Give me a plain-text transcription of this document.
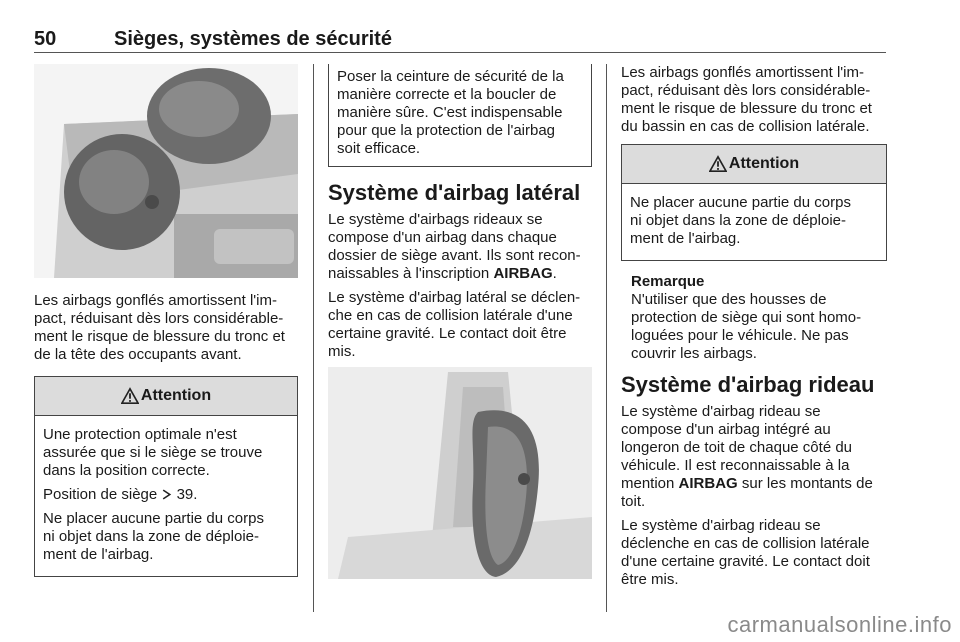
50	Sièges, systèmes de sécurité

Les airbags gonflés amortissent l'im-
pact, réduisant dès lors considérable-
ment le risque de blessure du tronc et
de la tête des occupants avant.

Attention

Une protection optimale n'est
assurée que si le siège se trouve
dans la position correcte.

Position de siège 39.

Ne placer aucune partie du corps
ni objet dans la zone de déploie-
ment de l'airbag.

Poser la ceinture de sécurité de la
manière correcte et la boucler de
manière sûre. C'est indispensable
pour que la protection de l'airbag
soit efficace.

Système d'airbag latéral

Le système d'airbags rideaux se
compose d'un airbag dans chaque
dossier de siège avant. Ils sont recon-
naissables à l'inscription AIRBAG.

Le système d'airbag latéral se déclen-
che en cas de collision latérale d'une
certaine gravité. Le contact doit être
mis.

Les airbags gonflés amortissent l'im-
pact, réduisant dès lors considérable-
ment le risque de blessure du tronc et
du bassin en cas de collision latérale.

Attention

Ne placer aucune partie du corps
ni objet dans la zone de déploie-
ment de l'airbag.

Remarque

N'utiliser que des housses de
protection de siège qui sont homo-
loguées pour le véhicule. Ne pas
couvrir les airbags.

Système d'airbag rideau

Le système d'airbag rideau se
compose d'un airbag intégré au
longeron de toit de chaque côté du
véhicule. Il est reconnaissable à la
mention AIRBAG sur les montants de
toit.

Le système d'airbag rideau se
déclenche en cas de collision latérale
d'une certaine gravité. Le contact doit
être mis.

carmanualsonline.info
